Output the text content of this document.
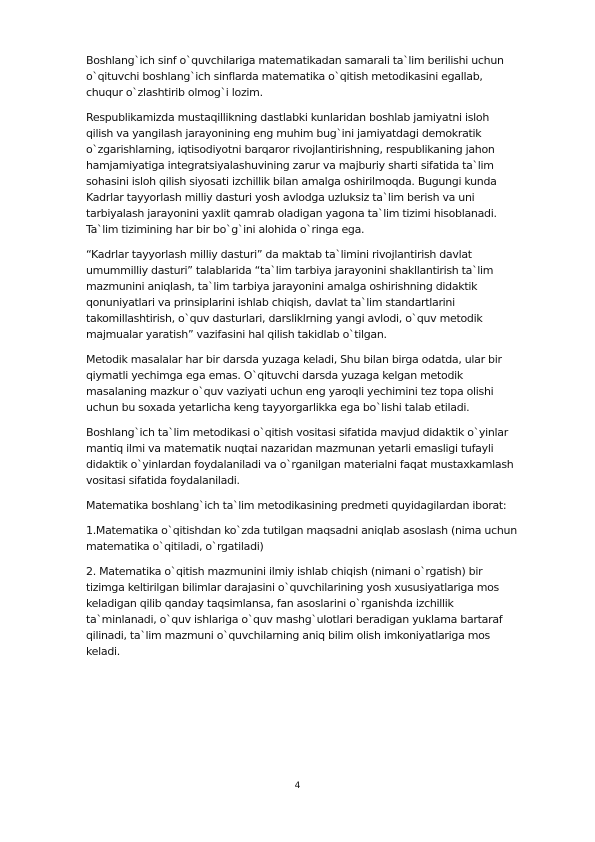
Boshlang`ich sinf o`quvchilariga matematikadan samarali ta`lim berilishi uchun
o`qituvchi boshlang`ich sinflarda matematika o`qitish metodikasini egallab,
chuqur o`zlashtirib olmog`i lozim.

Respublikamizda mustaqillikning dastlabki kunlaridan boshlab jamiyatni isloh
qilish va yangilash jarayonining eng muhim bug`ini jamiyatdagi demokratik
o`zgarishlarning, iqtisodiyotni barqaror rivojlantirishning, respublikaning jahon
hamjamiyatiga integratsiyalashuvining zarur va majburiy sharti sifatida ta`lim
sohasini isloh qilish siyosati izchillik bilan amalga oshirilmoqda. Bugungi kunda
Kadrlar tayyorlash milliy dasturi yosh avlodga uzluksiz ta`lim berish va uni
tarbiyalash jarayonini yaxlit qamrab oladigan yagona ta`lim tizimi hisoblanadi.
Ta`lim tizimining har bir bo`g`ini alohida o`ringa ega.

“Kadrlar tayyorlash milliy dasturi” da maktab ta`limini rivojlantirish davlat
umummilliy dasturi” talablarida “ta`lim tarbiya jarayonini shakllantirish ta`lim
mazmunini aniqlash, ta`lim tarbiya jarayonini amalga oshirishning didaktik
qonuniyatlari va prinsiplarini ishlab chiqish, davlat ta`lim standartlarini
takomillashtirish, o`quv dasturlari, darsliklrning yangi avlodi, o`quv metodik
majmualar yaratish” vazifasini hal qilish takidlab o`tilgan.

Metodik masalalar har bir darsda yuzaga keladi, Shu bilan birga odatda, ular bir
qiymatli yechimga ega emas. O`qituvchi darsda yuzaga kelgan metodik
masalaning mazkur o`quv vaziyati uchun eng yaroqli yechimini tez topa olishi
uchun bu soxada yetarlicha keng tayyorgarlikka ega bo`lishi talab etiladi.

Boshlang`ich ta`lim metodikasi o`qitish vositasi sifatida mavjud didaktik o`yinlar
mantiq ilmi va matematik nuqtai nazaridan mazmunan yetarli emasligi tufayli
didaktik o`yinlardan foydalaniladi va o`rganilgan materialni faqat mustaxkamlash
vositasi sifatida foydalaniladi.

Matematika boshlang`ich ta`lim metodikasining predmeti quyidagilardan iborat:

1.Matematika o`qitishdan ko`zda tutilgan maqsadni aniqlab asoslash (nima uchun
matematika o`qitiladi, o`rgatiladi)

2. Matematika o`qitish mazmunini ilmiy ishlab chiqish (nimani o`rgatish) bir
tizimga keltirilgan bilimlar darajasini o`quvchilarining yosh xususiyatlariga mos
keladigan qilib qanday taqsimlansa, fan asoslarini o`rganishda izchillik
ta`minlanadi, o`quv ishlariga o`quv mashg`ulotlari beradigan yuklama bartaraf
qilinadi, ta`lim mazmuni o`quvchilarning aniq bilim olish imkoniyatlariga mos
keladi.

4
